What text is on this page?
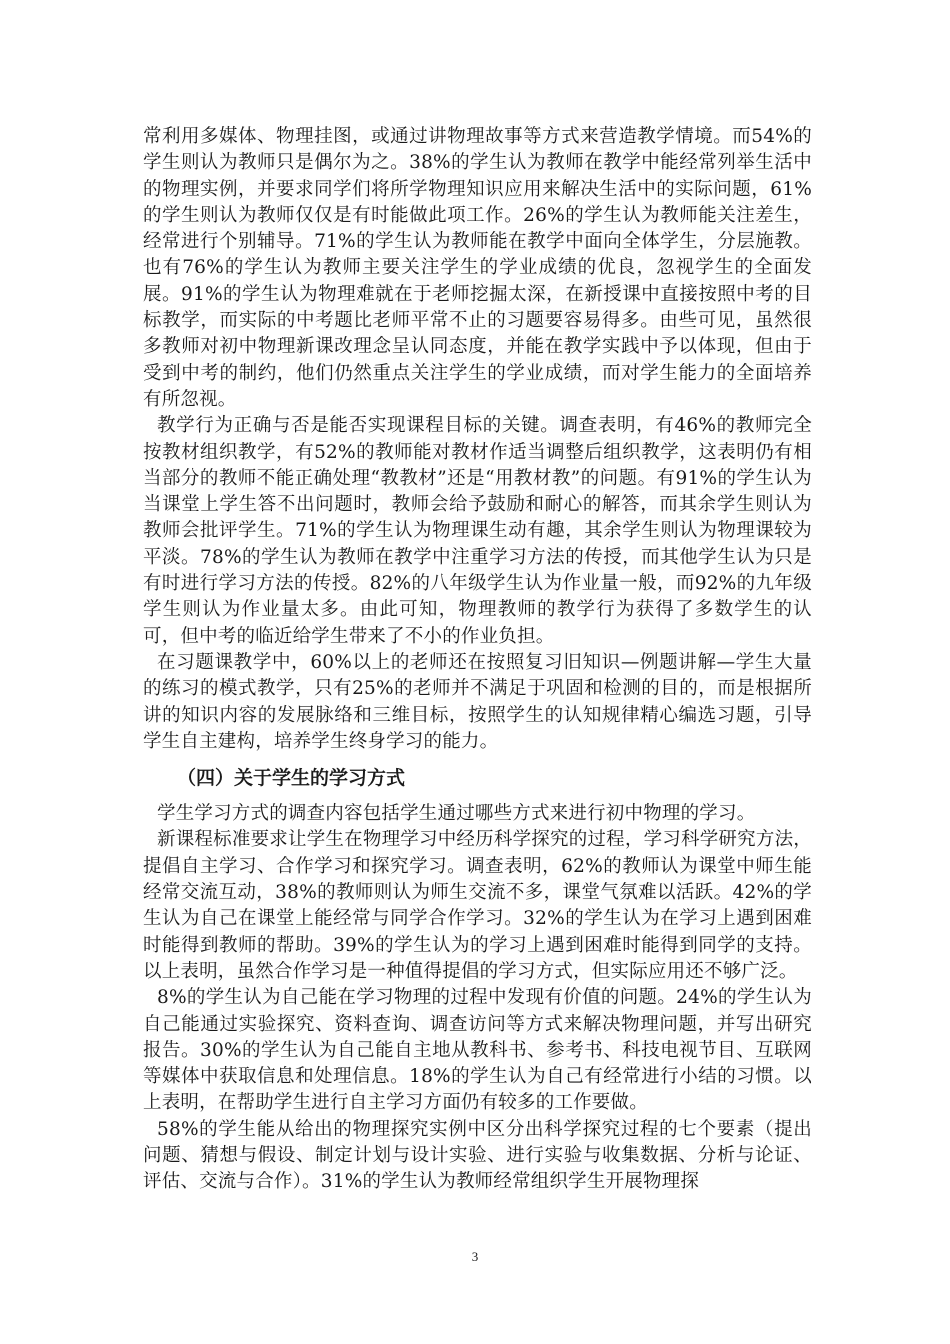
常利用多媒体、物理挂图，或通过讲物理故事等方式来营造教学情境。而54%的学生则认为教师只是偶尔为之。38%的学生认为教师在教学中能经常列举生活中的物理实例，并要求同学们将所学物理知识应用来解决生活中的实际问题，61%的学生则认为教师仅仅是有时能做此项工作。26%的学生认为教师能关注差生，经常进行个别辅导。71%的学生认为教师能在教学中面向全体学生，分层施教。也有76%的学生认为教师主要关注学生的学业成绩的优良，忽视学生的全面发展。91%的学生认为物理难就在于老师挖掘太深，在新授课中直接按照中考的目标教学，而实际的中考题比老师平常不止的习题要容易得多。由些可见，虽然很多教师对初中物理新课改理念呈认同态度，并能在教学实践中予以体现，但由于受到中考的制约，他们仍然重点关注学生的学业成绩，而对学生能力的全面培养有所忽视。

教学行为正确与否是能否实现课程目标的关键。调查表明，有46%的教师完全按教材组织教学，有52%的教师能对教材作适当调整后组织教学，这表明仍有相当部分的教师不能正确处理“教教材”还是“用教材教”的问题。有91%的学生认为当课堂上学生答不出问题时，教师会给予鼓励和耐心的解答，而其余学生则认为教师会批评学生。71%的学生认为物理课生动有趣，其余学生则认为物理课较为平淡。78%的学生认为教师在教学中注重学习方法的传授，而其他学生认为只是有时进行学习方法的传授。82%的八年级学生认为作业量一般，而92%的九年级学生则认为作业量太多。由此可知，物理教师的教学行为获得了多数学生的认可，但中考的临近给学生带来了不小的作业负担。

在习题课教学中，60%以上的老师还在按照复习旧知识—例题讲解—学生大量的练习的模式教学，只有25%的老师并不满足于巩固和检测的目的，而是根据所讲的知识内容的发展脉络和三维目标，按照学生的认知规律精心编选习题，引导学生自主建构，培养学生终身学习的能力。

（四）关于学生的学习方式

学生学习方式的调查内容包括学生通过哪些方式来进行初中物理的学习。

新课程标准要求让学生在物理学习中经历科学探究的过程，学习科学研究方法，提倡自主学习、合作学习和探究学习。调查表明，62%的教师认为课堂中师生能经常交流互动，38%的教师则认为师生交流不多，课堂气氛难以活跃。42%的学生认为自己在课堂上能经常与同学合作学习。32%的学生认为在学习上遇到困难时能得到教师的帮助。39%的学生认为的学习上遇到困难时能得到同学的支持。以上表明，虽然合作学习是一种值得提倡的学习方式，但实际应用还不够广泛。

8%的学生认为自己能在学习物理的过程中发现有价值的问题。24%的学生认为自己能通过实验探究、资料查询、调查访问等方式来解决物理问题，并写出研究报告。30%的学生认为自己能自主地从教科书、参考书、科技电视节目、互联网等媒体中获取信息和处理信息。18%的学生认为自己有经常进行小结的习惯。以上表明，在帮助学生进行自主学习方面仍有较多的工作要做。

58%的学生能从给出的物理探究实例中区分出科学探究过程的七个要素（提出问题、猜想与假设、制定计划与设计实验、进行实验与收集数据、分析与论证、评估、交流与合作）。31%的学生认为教师经常组织学生开展物理探

3
